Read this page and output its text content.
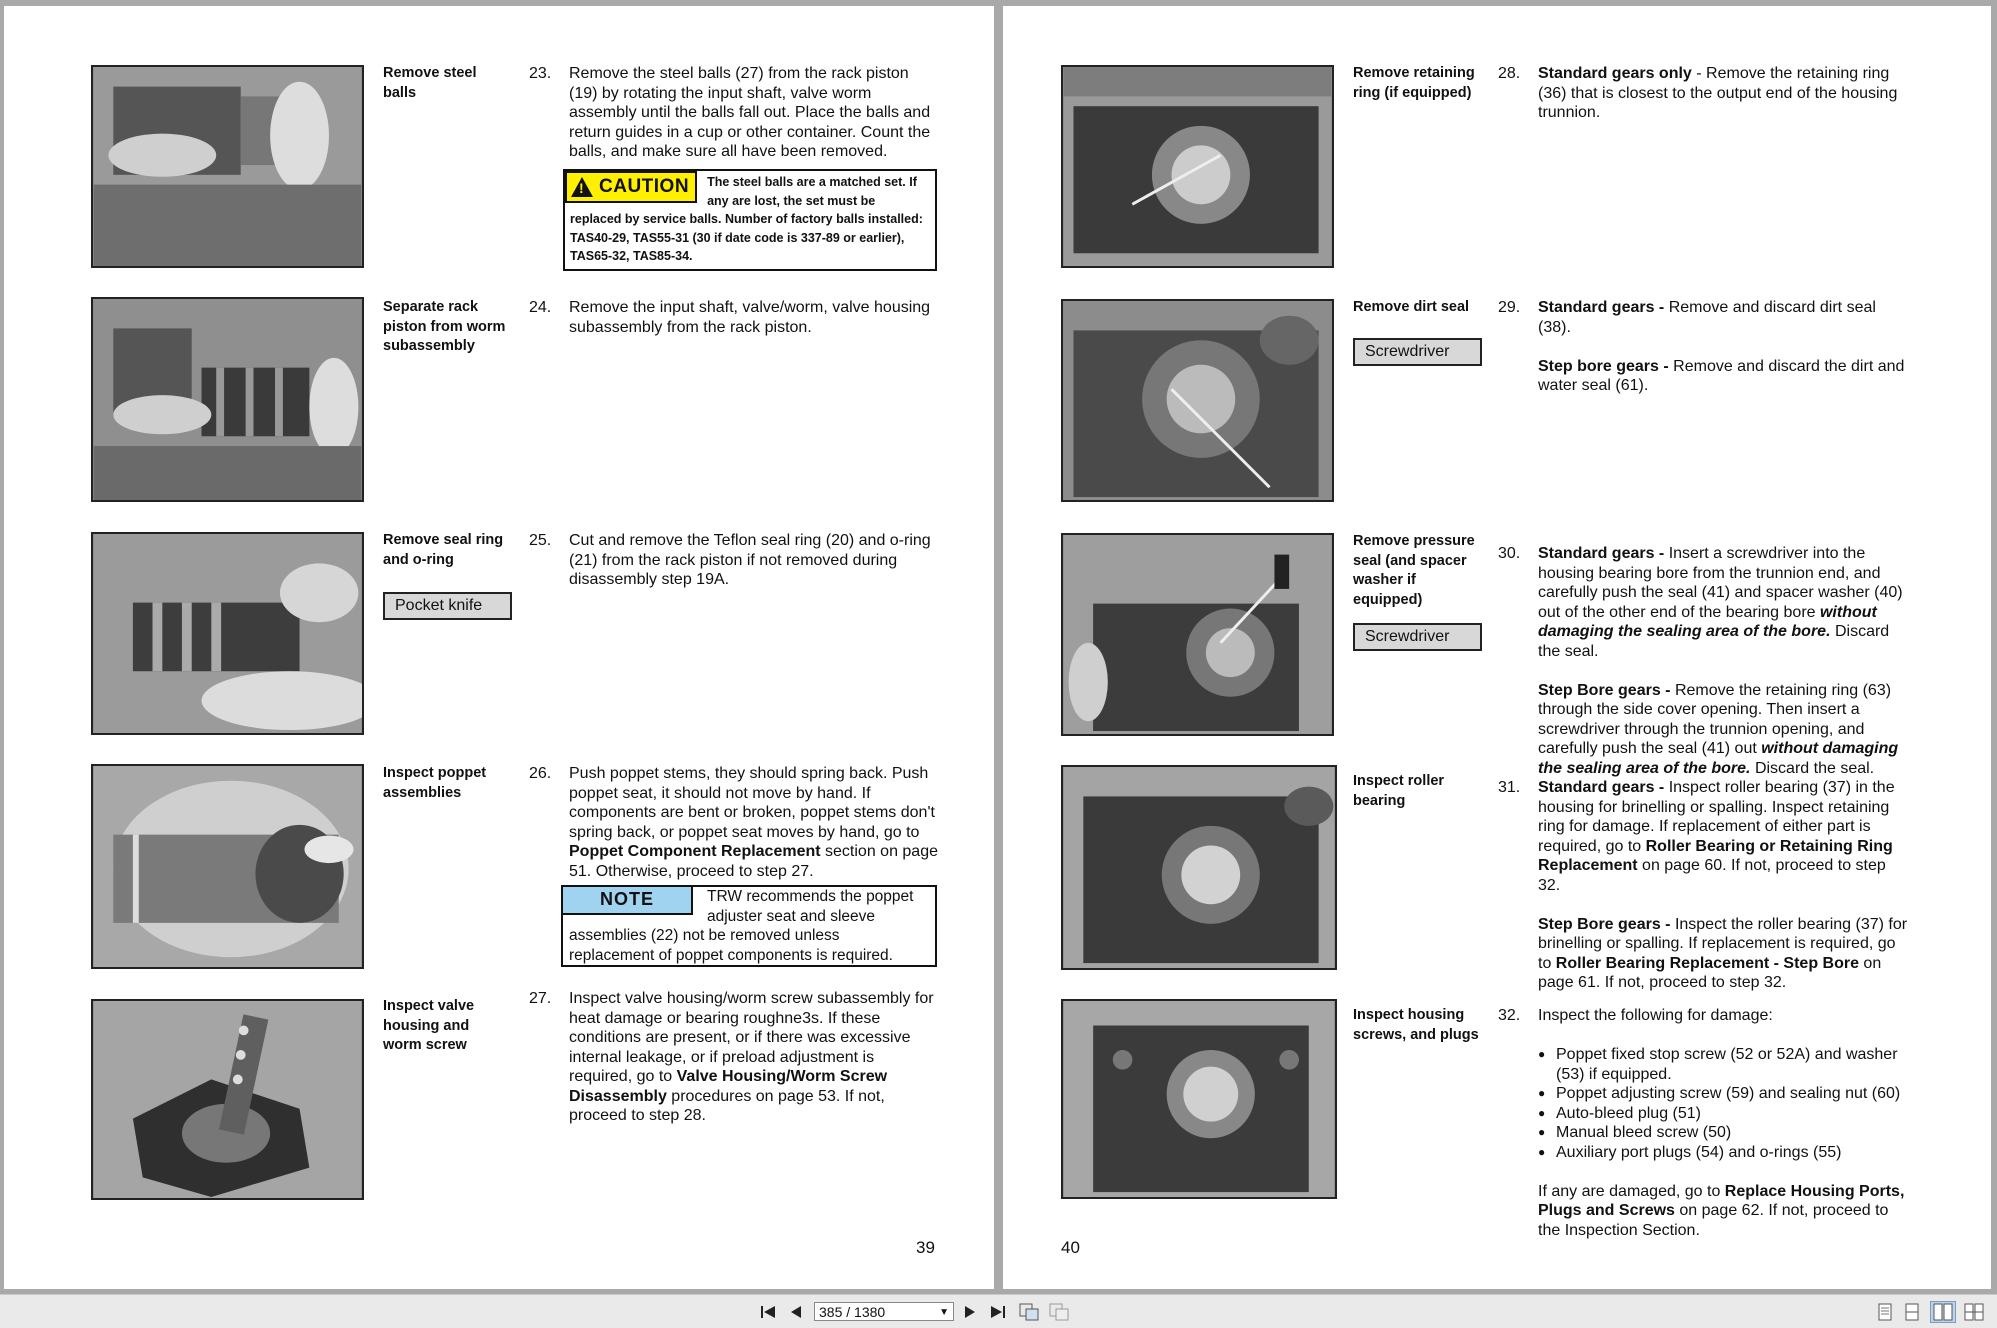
Remove steel balls
23.	Remove the steel balls (27) from the rack piston (19) by rotating the input shaft, valve worm assembly until the balls fall out. Place the balls and return guides in a cup or other container. Count the balls, and make sure all have been removed.
! CAUTION The steel balls are a matched set. If any are lost, the set must be replaced by service balls. Number of factory balls installed: TAS40-29, TAS55-31 (30 if date code is 337-89 or earlier), TAS65-32, TAS85-34.
Separate rack piston from worm subassembly
24.	Remove the input shaft, valve/worm, valve housing subassembly from the rack piston.
Remove seal ring and o-ring
Pocket knife
25.	Cut and remove the Teflon seal ring (20) and o-ring (21) from the rack piston if not removed during disassembly step 19A.
Inspect poppet assemblies
26.	Push poppet stems, they should spring back. Push poppet seat, it should not move by hand. If components are bent or broken, poppet stems don't spring back, or poppet seat moves by hand, go to Poppet Component Replacement section on page 51. Otherwise, proceed to step 27.
NOTE	TRW recommends the poppet adjuster seat and sleeve assemblies (22) not be removed unless replacement of poppet components is required.
Inspect valve housing and worm screw
27.	Inspect valve housing/worm screw subassembly for heat damage or bearing roughne3s. If these conditions are present, or if there was excessive internal leakage, or if preload adjustment is required, go to Valve Housing/Worm Screw Disassembly procedures on page 53. If not, proceed to step 28.
39
Remove retaining ring (if equipped)
28.	Standard gears only - Remove the retaining ring (36) that is closest to the output end of the housing trunnion.
Remove dirt seal
Screwdriver
29.	Standard gears - Remove and discard dirt seal (38).

Step bore gears - Remove and discard the dirt and water seal (61).

Remove pressure seal (and spacer washer if equipped)
Screwdriver
30.	Standard gears - Insert a screwdriver into the housing bearing bore from the trunnion end, and carefully push the seal (41) and spacer washer (40) out of the other end of the bearing bore without damaging the sealing area of the bore. Discard the seal.

Step Bore gears - Remove the retaining ring (63) through the side cover opening. Then insert a screwdriver through the trunnion opening, and carefully push the seal (41) out without damaging the sealing area of the bore. Discard the seal.

Inspect roller bearing
31.	Standard gears - Inspect roller bearing (37) in the housing for brinelling or spalling. Inspect retaining ring for damage. If replacement of either part is required, go to Roller Bearing or Retaining Ring Replacement on page 60. If not, proceed to step 32.

Step Bore gears - Inspect the roller bearing (37) for brinelling or spalling. If replacement is required, go to Roller Bearing Replacement - Step Bore on page 61. If not, proceed to step 32.

Inspect housing screws, and plugs
32.	Inspect the following for damage:

● Poppet fixed stop screw (52 or 52A) and washer (53) if equipped.
● Poppet adjusting screw (59) and sealing nut (60)
● Auto-bleed plug (51)
● Manual bleed screw (50)
● Auxiliary port plugs (54) and o-rings (55)

If any are damaged, go to Replace Housing Ports, Plugs and Screws on page 62. If not, proceed to the Inspection Section.

40
385 / 1380	▼
